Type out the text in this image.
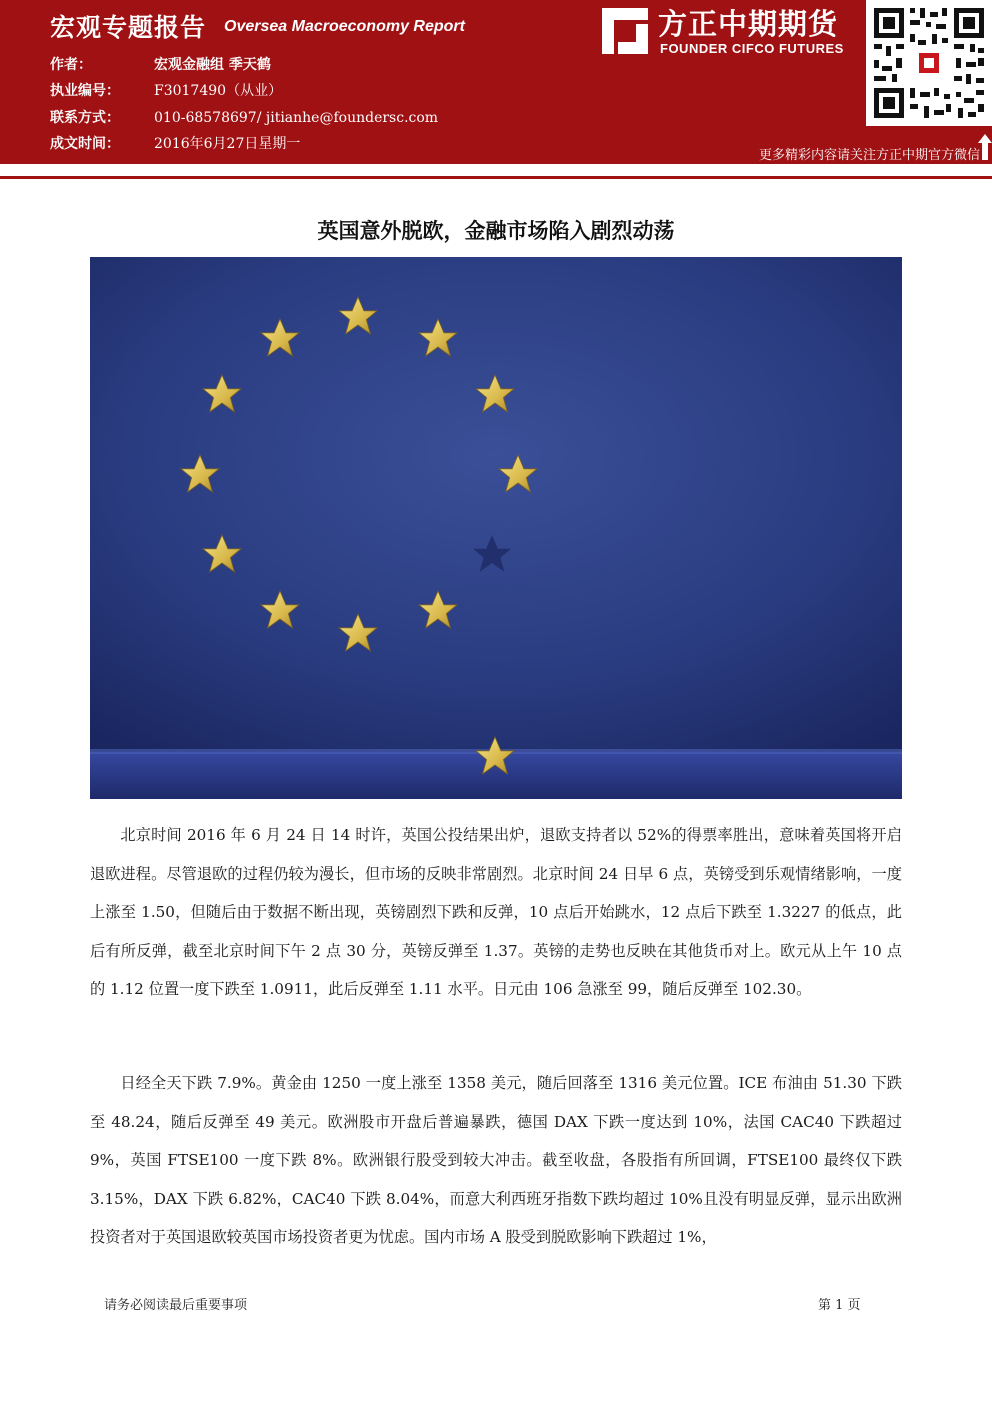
宏观专题报告 Oversea Macroeconomy Report
作者：	宏观金融组 季天鹤
执业编号： F3017490（从业）
联系方式： 010-68578697/ jitianhe@foundersc.com
成文时间： 2016年6月27日星期一
方正中期期货
FOUNDER CIFCO FUTURES
更多精彩内容请关注方正中期官方微信
英国意外脱欧，金融市场陷入剧烈动荡
北京时间 2016 年 6 月 24 日 14 时许，英国公投结果出炉，退欧支持者以 52%的得票率胜出，意味着英国将开启退欧进程。尽管退欧的过程仍较为漫长，但市场的反映非常剧烈。北京时间 24 日早 6 点，英镑受到乐观情绪影响，一度上涨至 1.50，但随后由于数据不断出现，英镑剧烈下跌和反弹，10 点后开始跳水，12 点后下跌至 1.3227 的低点，此后有所反弹，截至北京时间下午 2 点 30 分，英镑反弹至 1.37。英镑的走势也反映在其他货币对上。欧元从上午 10 点的 1.12 位置一度下跌至 1.0911，此后反弹至 1.11 水平。日元由 106 急涨至 99，随后反弹至 102.30。
日经全天下跌 7.9%。黄金由 1250 一度上涨至 1358 美元，随后回落至 1316 美元位置。ICE 布油由 51.30 下跌至 48.24，随后反弹至 49 美元。欧洲股市开盘后普遍暴跌，德国 DAX 下跌一度达到 10%，法国 CAC40 下跌超过 9%，英国 FTSE100 一度下跌 8%。欧洲银行股受到较大冲击。截至收盘，各股指有所回调，FTSE100 最终仅下跌 3.15%，DAX 下跌 6.82%，CAC40 下跌 8.04%，而意大利西班牙指数下跌均超过 10%且没有明显反弹，显示出欧洲投资者对于英国退欧较英国市场投资者更为忧虑。国内市场 A 股受到脱欧影响下跌超过 1%，
请务必阅读最后重要事项	第 1 页
